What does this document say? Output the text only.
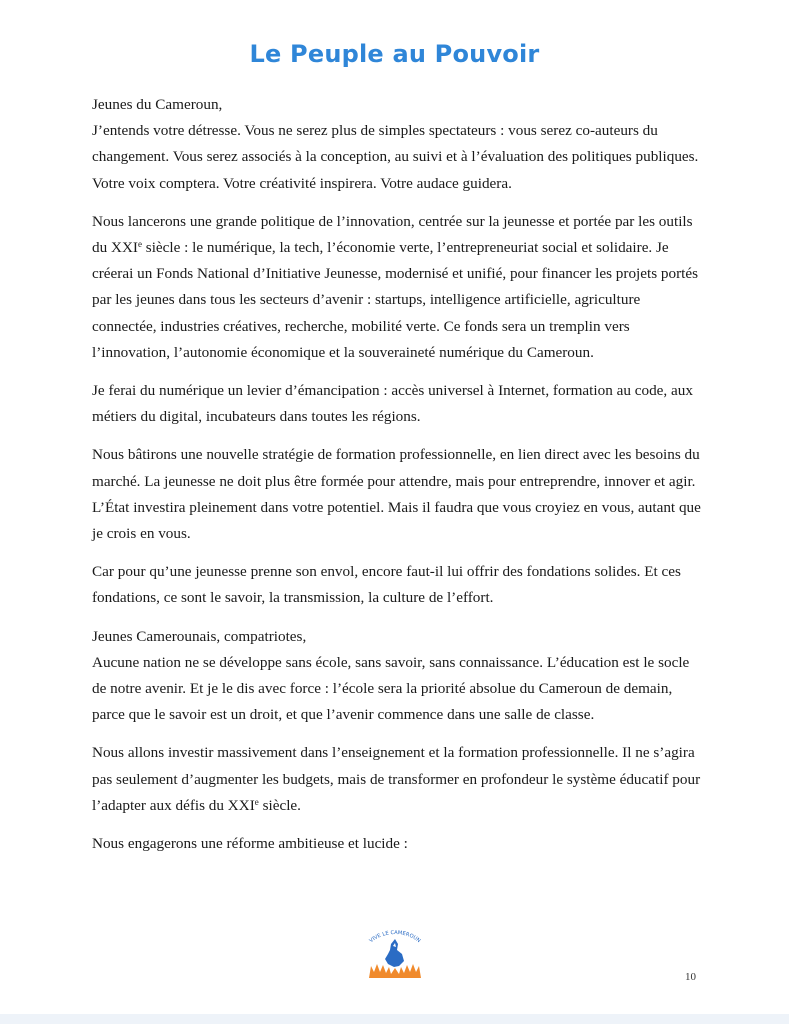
Le Peuple au Pouvoir

Jeunes du Cameroun,
J’entends votre détresse. Vous ne serez plus de simples spectateurs : vous serez co-auteurs du changement. Vous serez associés à la conception, au suivi et à l’évaluation des politiques publiques. Votre voix comptera. Votre créativité inspirera. Votre audace guidera.

Nous lancerons une grande politique de l’innovation, centrée sur la jeunesse et portée par les outils du XXIe siècle : le numérique, la tech, l’économie verte, l’entrepreneuriat social et solidaire. Je créerai un Fonds National d’Initiative Jeunesse, modernisé et unifié, pour financer les projets portés par les jeunes dans tous les secteurs d’avenir : startups, intelligence artificielle, agriculture connectée, industries créatives, recherche, mobilité verte. Ce fonds sera un tremplin vers l’innovation, l’autonomie économique et la souveraineté numérique du Cameroun.

Je ferai du numérique un levier d’émancipation : accès universel à Internet, formation au code, aux métiers du digital, incubateurs dans toutes les régions.

Nous bâtirons une nouvelle stratégie de formation professionnelle, en lien direct avec les besoins du marché. La jeunesse ne doit plus être formée pour attendre, mais pour entreprendre, innover et agir. L’État investira pleinement dans votre potentiel. Mais il faudra que vous croyiez en vous, autant que je crois en vous.

Car pour qu’une jeunesse prenne son envol, encore faut-il lui offrir des fondations solides. Et ces fondations, ce sont le savoir, la transmission, la culture de l’effort.

Jeunes Camerounais, compatriotes,
Aucune nation ne se développe sans école, sans savoir, sans connaissance. L’éducation est le socle de notre avenir. Et je le dis avec force : l’école sera la priorité absolue du Cameroun de demain, parce que le savoir est un droit, et que l’avenir commence dans une salle de classe.

Nous allons investir massivement dans l’enseignement et la formation professionnelle. Il ne s’agira pas seulement d’augmenter les budgets, mais de transformer en profondeur le système éducatif pour l’adapter aux défis du XXIe siècle.

Nous engagerons une réforme ambitieuse et lucide :

VIVE LE CAMEROUN
10
